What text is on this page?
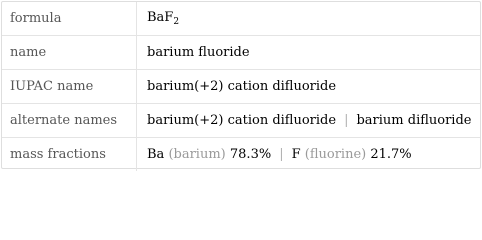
formula	BaF$_2$
name	barium fluoride
IUPAC name	barium(+2) cation difluoride
alternate names	barium(+2) cation difluoride | barium difluoride
mass fractions	Ba (barium) 78.3% | F (fluorine) 21.7%
